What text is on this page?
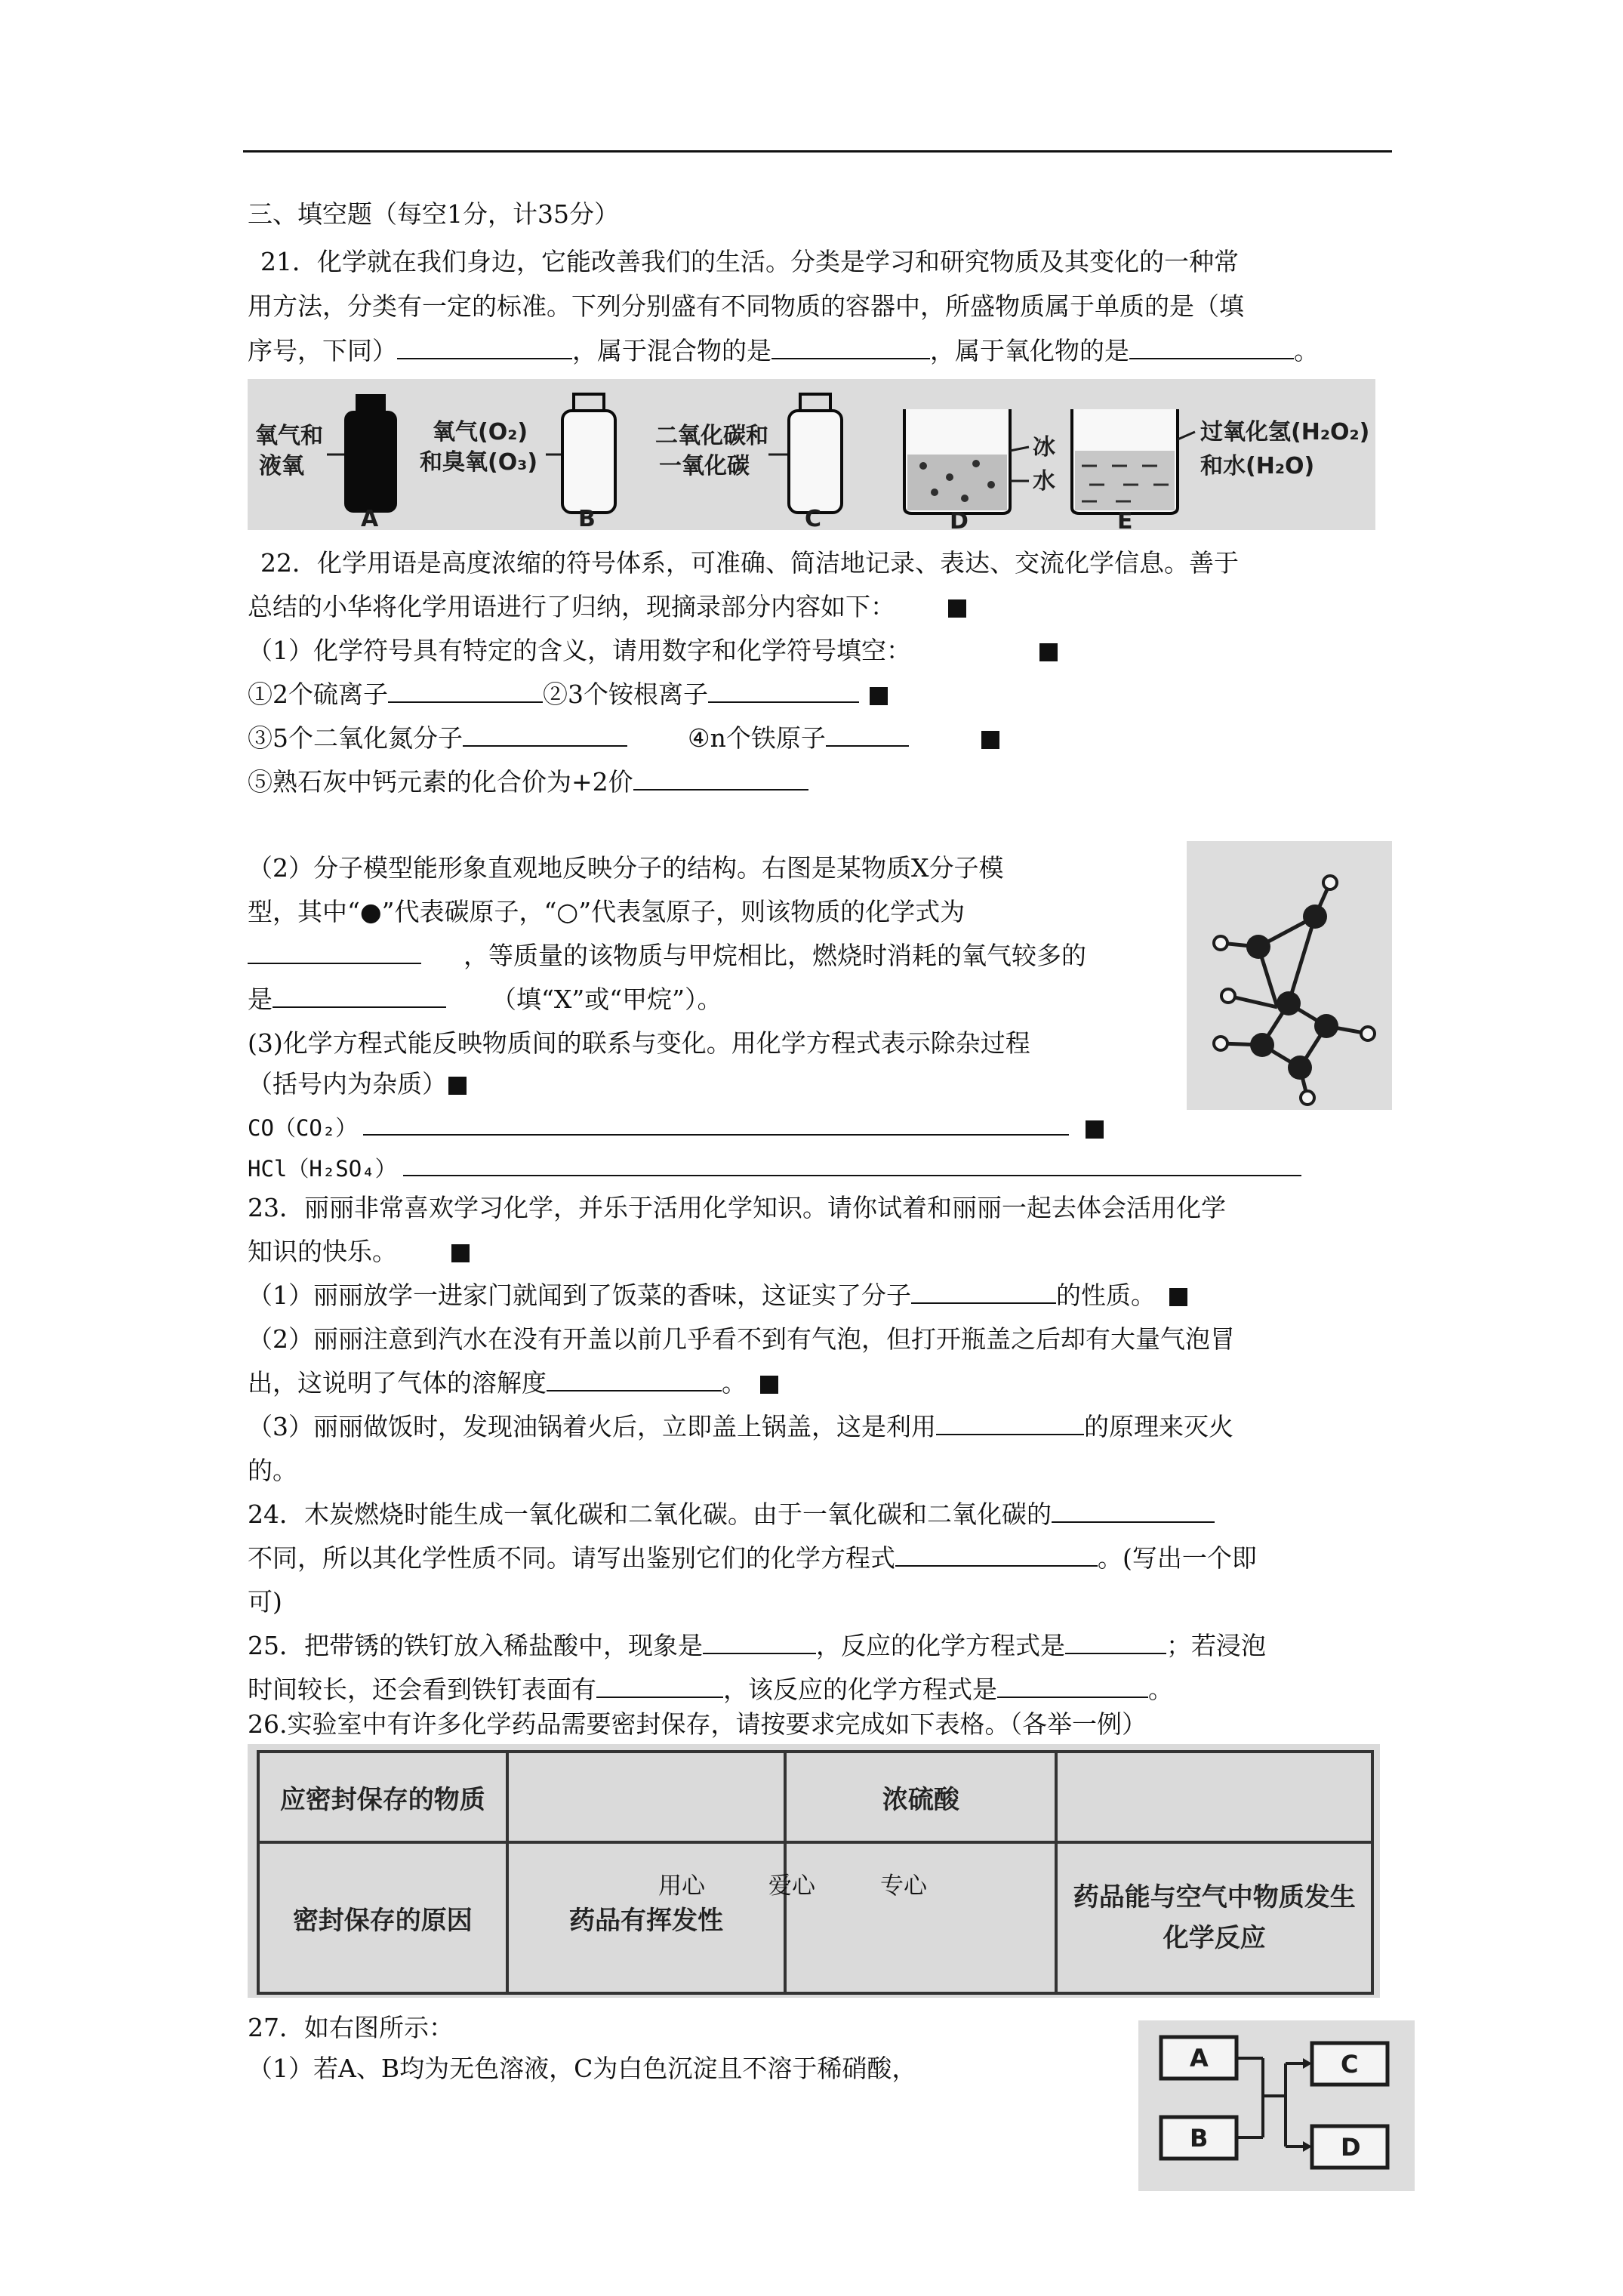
三、填空题（每空1分，计35分）
21．化学就在我们身边，它能改善我们的生活。分类是学习和研究物质及其变化的一种常
用方法，分类有一定的标准。下列分别盛有不同物质的容器中，所盛物质属于单质的是（填
序号，下同）	，属于混合物的是	，属于氧化物的是	。
氧气和
液氧
A
氧气(O₂)
和臭氧(O₃)
B
二氧化碳和
一氧化碳
C
冰
水
D
过氧化氢(H₂O₂)
和水(H₂O)
E
22．化学用语是高度浓缩的符号体系，可准确、简洁地记录、表达、交流化学信息。善于
总结的小华将化学用语进行了归纳，现摘录部分内容如下：
（1）化学符号具有特定的含义，请用数字和化学符号填空：
①2个硫离子	②3个铵根离子
③5个二氧化氮分子	④n个铁原子
⑤熟石灰中钙元素的化合价为+2价
（2）分子模型能形象直观地反映分子的结构。右图是某物质X分子模
型，其中“●”代表碳原子，“○”代表氢原子，则该物质的化学式为
，等质量的该物质与甲烷相比，燃烧时消耗的氧气较多的
是	（填“X”或“甲烷”）。
(3)化学方程式能反映物质间的联系与变化。用化学方程式表示除杂过程
（括号内为杂质）
CO（CO₂）
HCl（H₂SO₄）
23．丽丽非常喜欢学习化学，并乐于活用化学知识。请你试着和丽丽一起去体会活用化学
知识的快乐。
（1）丽丽放学一进家门就闻到了饭菜的香味，这证实了分子	的性质。
（2）丽丽注意到汽水在没有开盖以前几乎看不到有气泡，但打开瓶盖之后却有大量气泡冒
出，这说明了气体的溶解度	。
（3）丽丽做饭时，发现油锅着火后，立即盖上锅盖，这是利用	的原理来灭火
的。
24．木炭燃烧时能生成一氧化碳和二氧化碳。由于一氧化碳和二氧化碳的
不同，所以其化学性质不同。请写出鉴别它们的化学方程式	。(写出一个即
可)
25．把带锈的铁钉放入稀盐酸中，现象是	，反应的化学方程式是	；若浸泡
时间较长，还会看到铁钉表面有	，该反应的化学方程式是	。
26.实验室中有许多化学药品需要密封保存，请按要求完成如下表格。（各举一例）
应密封保存的物质		浓硫酸	
密封保存的原因	药品有挥发性		药品能与空气中物质发生化学反应
27．如右图所示：
（1）若A、B均为无色溶液，C为白色沉淀且不溶于稀硝酸，	A
B
C
D
用心	爱心	专心
